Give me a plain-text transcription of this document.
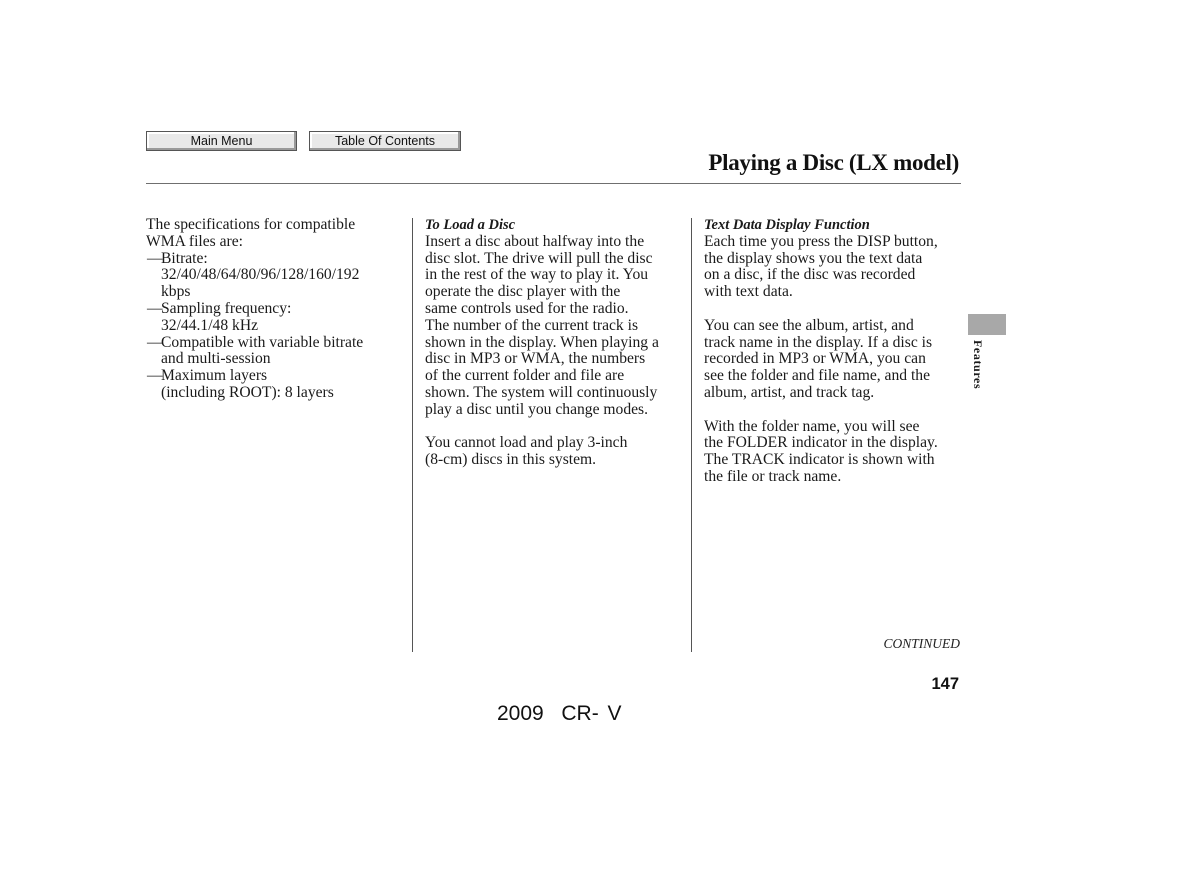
Main Menu	Table Of Contents
Playing a Disc (LX model)
The specifications for compatible
WMA files are:
—
Bitrate:
32/40/48/64/80/96/128/160/192
kbps
—
Sampling frequency:
32/44.1/48 kHz
—
Compatible with variable bitrate
and multi-session
—
Maximum layers
(including ROOT): 8 layers
To Load a Disc
Insert a disc about halfway into the
disc slot. The drive will pull the disc
in the rest of the way to play it. You
operate the disc player with the
same controls used for the radio.
The number of the current track is
shown in the display. When playing a
disc in MP3 or WMA, the numbers
of the current folder and file are
shown. The system will continuously
play a disc until you change modes.
You cannot load and play 3-inch
(8-cm) discs in this system.
Text Data Display Function
Each time you press the DISP button,
the display shows you the text data
on a disc, if the disc was recorded
with text data.
You can see the album, artist, and
track name in the display. If a disc is
recorded in MP3 or WMA, you can
see the folder and file name, and the
album, artist, and track tag.
With the folder name, you will see
the FOLDER indicator in the display.
The TRACK indicator is shown with
the file or track name.
Features
CONTINUED
147
2009  CR- V
